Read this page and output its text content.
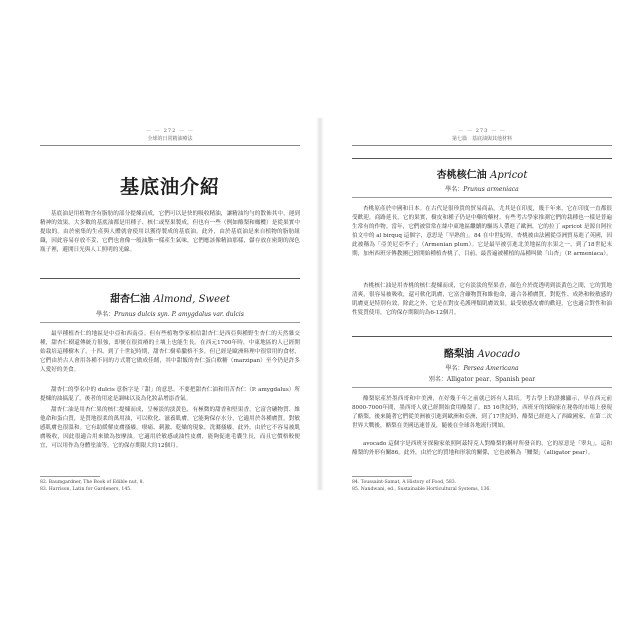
— — 272 — —
全球的日常精油療法
基底油介紹

基底油是用植物含有脂肪的部分提煉而成，它們可以是快的吸收精油，讓精油均勻的散佈其中，運到精神的效果。大多數的基底油都是用種子、核仁或堅果製成，但也有一些（例如酪梨和橄欖）是從果實中提取的。由於密集的生產與人體就會使用以獲得製成的基底油。此外，由於基底油是來自植物的脂肪組織，因此容易存放不妥，它們也會像一般油脂一樣產生氣味，它們應該像精油那樣，儲存放在密閉的深色瓶子裡，避開日光與人工照明的光線。

甜杏仁油 Almond, Sweet
學名：Prunus dulcis syn. P. amygdalus var. dulcis

最早種植杏仁的地區是中亞和西南亞。但有些植物學家相信甜杏仁是西亞與種野生杏仁的天然雜交種，甜杏仁樹還傳統力很強，即便在很貧瘠的土壤上也能生長。在西元1700年時，中東地區的人已經開始栽培這種樹木了。十四、到了十世紀時期，甜杏仁樹希臘格不多，但已經是歐洲料理中很常用的食材，它們由於古人會用各種不同的方式將它做成佳餚，其中甜飯的杏仁蛋白軟糖（marzipan）至今仍是許多人愛好的美食。

甜杏仁的學名中的 dulcis 意指字是「甜」的意思。不要把甜杏仁油和用苦杏仁（P. amygdalus）所提煉的油搞混了，後者的用途是調味以及為化妝品增添香氣。

甜杏仁油是用杏仁果的核仁提煉而成，呈極淡的淡黃色，有極微的甜香和堅果香，它富含礦物質、維他命和蛋白質，是質地很柔的萬用油，可以軟化、滋養肌膚，它能夠保存水分，它適用於各種膚質，對敏感肌膚也很溫和。它有助緩解皮膚搔癢，療痛、刺激、乾燥的現象，洗滌搔癢。此外，由於它不容易被肌膚吸收，因此很適合用來做為按摩油。它適用於敏感或油性皮膚，能夠促進毛囊生長，而且它價格較便宜，可以用作為身體塗油等，它的保存期限大約12個月。

82. Baumgardner, The Book of Edible nut, 8.

83. Harrison, Latin for Gardeners, 145.

— — 273 — —
第七篇　基底油與其他材料
杏桃核仁油 Apricot
學名：Prunus armeniaca

杏桃原產於中國和日本。在古代是很珍貴的貿易商品，尤其是在印度，幾千年來，它在印度一直都很受歡迎，商路延長，它的果實，樹皮和種子仍是中藥的藥材。有些考古學家推測它們的栽種也一樣是普遍生常有的作物。當年，它們被常常在絲中東地區繼續的驅馬人帶進了歐洲，它的拉丁 apricot 是源自阿拉伯文中的 al birquq 這個字，意思是「早熟的」。84 在中世紀時，杏桃被由法國從亞洲貿易進了英國，因此被稱為「亞美尼亞李子」（Armenian plum）。它是最早被引進北美地區的水果之一，到了18世紀末期，加州西班牙傳教團已經開始種植杏桃了，目前，最普遍被種植的品種叫做「山杏」（P. armeniaca）。

杏桃核仁油是用杏桃的核仁提煉而成，它有淡淡的堅果香，顏色介於從透明到淡黃色之間，它的質地清爽，很容易被吸收，還可軟化肌膚，它富含礦物質和維他命，適合各種膚質，對乾性、成熟和較敏感的肌膚更是特別有效，除此之外，它是在對皮毛護理類肌膚效果。最受敏感皮膚的歡迎，它也適合對性和油性髮質使用，它的保存期限約為6-12個月。

酪梨油 Avocado
學名：Persea Americana
別名：Alligator pear、Spanish pear

酪梨原產於墨西哥和中美洲，在好幾千年之前就已經有人栽培。考古學上的證據顯示，早在西元前8000-7000年間，墨西哥人就已經開始食用酪梨了。85 16世紀時，西班牙的探險家在秘魯的市場上發現了酪梨。後來隨著它們從美洲被引進到歐洲和亞洲，到了17世紀時，酪梨已經進入了西歐國家，在第二次世界大戰後，酪梨在美國迅速普及，隨後在全球各地流行開始。

avocado 這個字是西班牙探險家依照阿茲特克人對酪梨的稱呼所發音的，它的原意是「睾丸」，這和酪梨的外形有關86。此外，由於它的質地和形狀的關係，它也被稱為「鱷梨」（alligator pear）。

84. Toussaint-Samat, A History of Food, 583.

85. Nandwani, ed., Sustainable Horticultural Systems, 136.
